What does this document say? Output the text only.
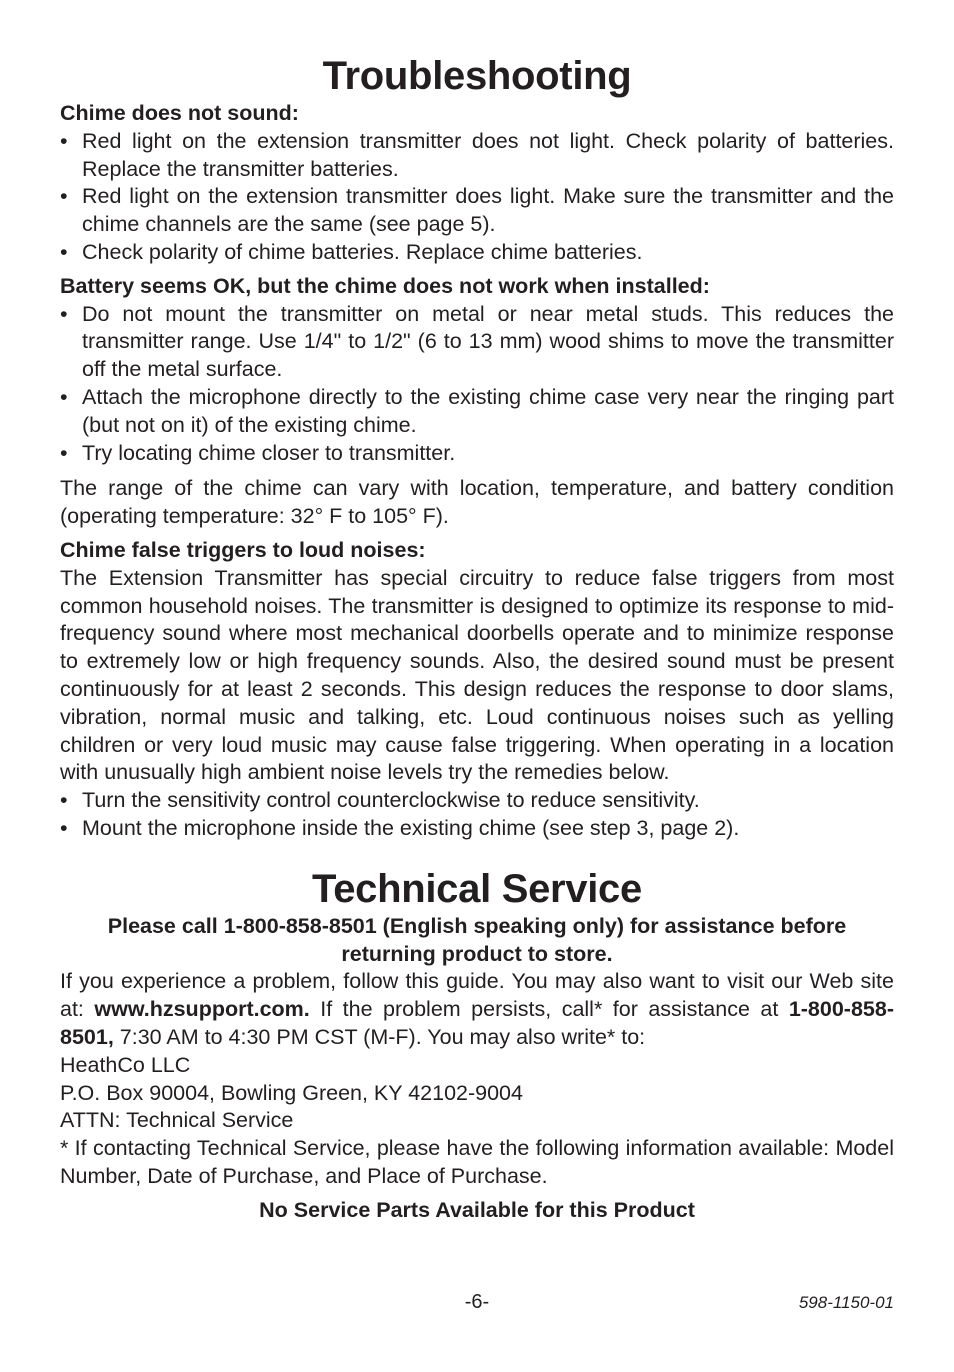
Troubleshooting
Chime does not sound:
• Red light on the extension transmitter does not light. Check polarity of batteries. Replace the transmitter batteries.
• Red light on the extension transmitter does light. Make sure the transmitter and the chime channels are the same (see page 5).
• Check polarity of chime batteries. Replace chime batteries.
Battery seems OK, but the chime does not work when installed:
• Do not mount the transmitter on metal or near metal studs. This reduces the transmitter range. Use 1/4" to 1/2" (6 to 13 mm) wood shims to move the transmitter off the metal surface.
• Attach the microphone directly to the existing chime case very near the ringing part (but not on it) of the existing chime.
• Try locating chime closer to transmitter.
The range of the chime can vary with location, temperature, and battery condition (operating temperature: 32° F to 105° F).
Chime false triggers to loud noises:
The Extension Transmitter has special circuitry to reduce false triggers from most common household noises. The transmitter is designed to optimize its response to mid-frequency sound where most mechanical doorbells operate and to minimize response to extremely low or high frequency sounds. Also, the desired sound must be present continuously for at least 2 seconds. This design reduces the response to door slams, vibration, normal music and talking, etc. Loud continuous noises such as yelling children or very loud music may cause false triggering. When operating in a location with unusually high ambient noise levels try the remedies below.
• Turn the sensitivity control counterclockwise to reduce sensitivity.
• Mount the microphone inside the existing chime (see step 3, page 2).
Technical Service
Please call 1-800-858-8501 (English speaking only) for assistance before returning product to store.
If you experience a problem, follow this guide. You may also want to visit our Web site at: www.hzsupport.com. If the problem persists, call* for assistance at 1-800-858-8501, 7:30 AM to 4:30 PM CST (M-F). You may also write* to:
HeathCo LLC
P.O. Box 90004, Bowling Green, KY 42102-9004
ATTN: Technical Service
* If contacting Technical Service, please have the following information available: Model Number, Date of Purchase, and Place of Purchase.
No Service Parts Available for this Product
-6-	598-1150-01
